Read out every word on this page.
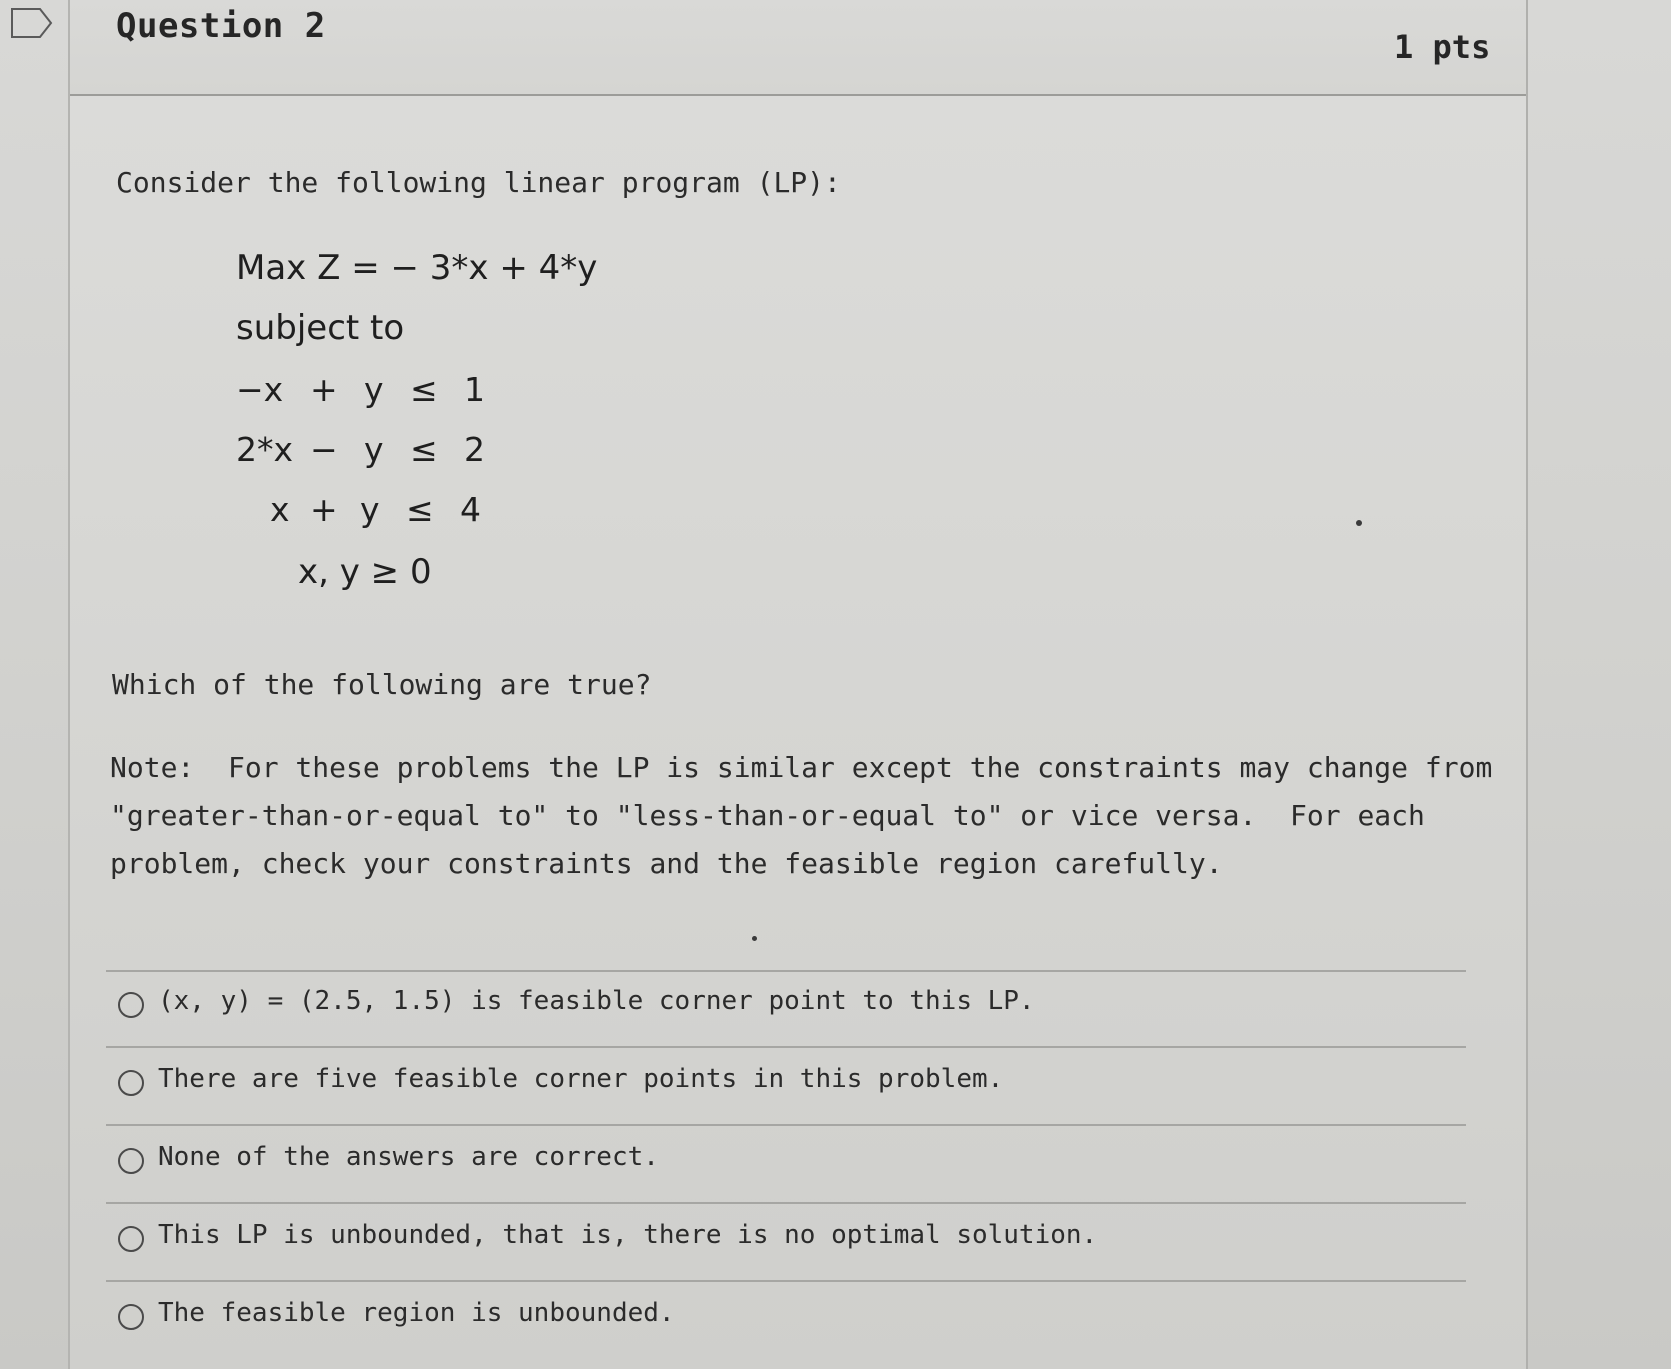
Question 2
1 pts
Consider the following linear program (LP):
Max Z = − 3*x + 4*y
subject to
−x + y ≤ 1
2*x − y ≤ 2
x + y ≤ 4
x, y ≥ 0
Which of the following are true?
Note:  For these problems the LP is similar except the constraints may change from
"greater-than-or-equal to" to "less-than-or-equal to" or vice versa.  For each
problem, check your constraints and the feasible region carefully.
(x, y) = (2.5, 1.5) is feasible corner point to this LP.
There are five feasible corner points in this problem.
None of the answers are correct.
This LP is unbounded, that is, there is no optimal solution.
The feasible region is unbounded.
